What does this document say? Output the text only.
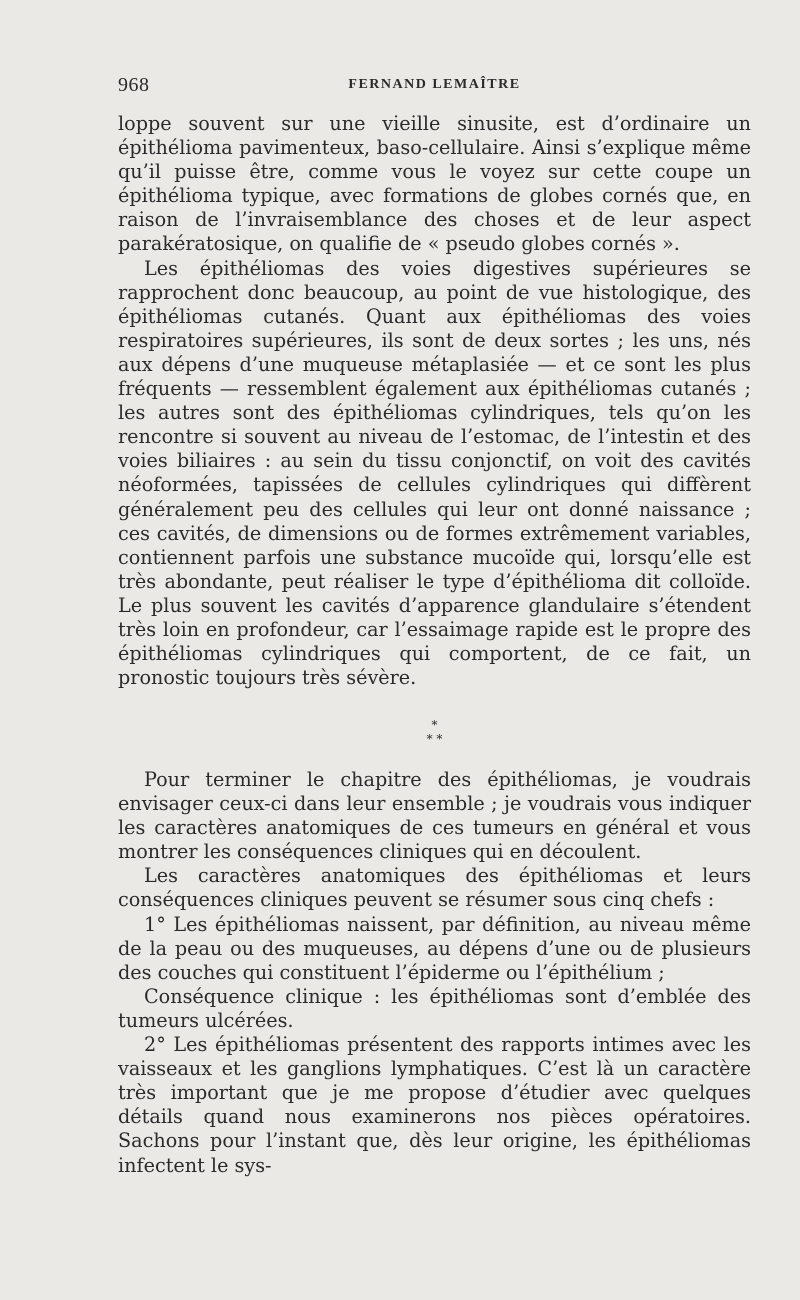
968	FERNAND LEMAÎTRE

loppe souvent sur une vieille sinusite, est d’ordinaire un épithélioma pavimenteux, baso-cellulaire. Ainsi s’explique même qu’il puisse être, comme vous le voyez sur cette coupe un épithélioma typique, avec formations de globes cornés que, en raison de l’invraisemblance des choses et de leur aspect parakératosique, on qualifie de « pseudo globes cornés ».

Les épithéliomas des voies digestives supérieures se rapprochent donc beaucoup, au point de vue histologique, des épithéliomas cutanés. Quant aux épithéliomas des voies respiratoires supérieures, ils sont de deux sortes ; les uns, nés aux dépens d’une muqueuse métaplasiée — et ce sont les plus fréquents — ressemblent également aux épithéliomas cutanés ; les autres sont des épithéliomas cylindriques, tels qu’on les rencontre si souvent au niveau de l’estomac, de l’intestin et des voies biliaires : au sein du tissu conjonctif, on voit des cavités néoformées, tapissées de cellules cylindriques qui diffèrent généralement peu des cellules qui leur ont donné naissance ; ces cavités, de dimensions ou de formes extrêmement variables, contiennent parfois une substance mucoïde qui, lorsqu’elle est très abondante, peut réaliser le type d’épithélioma dit colloïde. Le plus souvent les cavités d’apparence glandulaire s’étendent très loin en profondeur, car l’essaimage rapide est le propre des épithéliomas cylindriques qui comportent, de ce fait, un pronostic toujours très sévère.

*
* *

Pour terminer le chapitre des épithéliomas, je voudrais envisager ceux-ci dans leur ensemble ; je voudrais vous indiquer les caractères anatomiques de ces tumeurs en général et vous montrer les conséquences cliniques qui en découlent.

Les caractères anatomiques des épithéliomas et leurs conséquences cliniques peuvent se résumer sous cinq chefs :

1° Les épithéliomas naissent, par définition, au niveau même de la peau ou des muqueuses, au dépens d’une ou de plusieurs des couches qui constituent l’épiderme ou l’épithélium ;

Conséquence clinique : les épithéliomas sont d’emblée des tumeurs ulcérées.

2° Les épithéliomas présentent des rapports intimes avec les vaisseaux et les ganglions lymphatiques. C’est là un caractère très important que je me propose d’étudier avec quelques détails quand nous examinerons nos pièces opératoires. Sachons pour l’instant que, dès leur origine, les épithéliomas infectent le sys-
